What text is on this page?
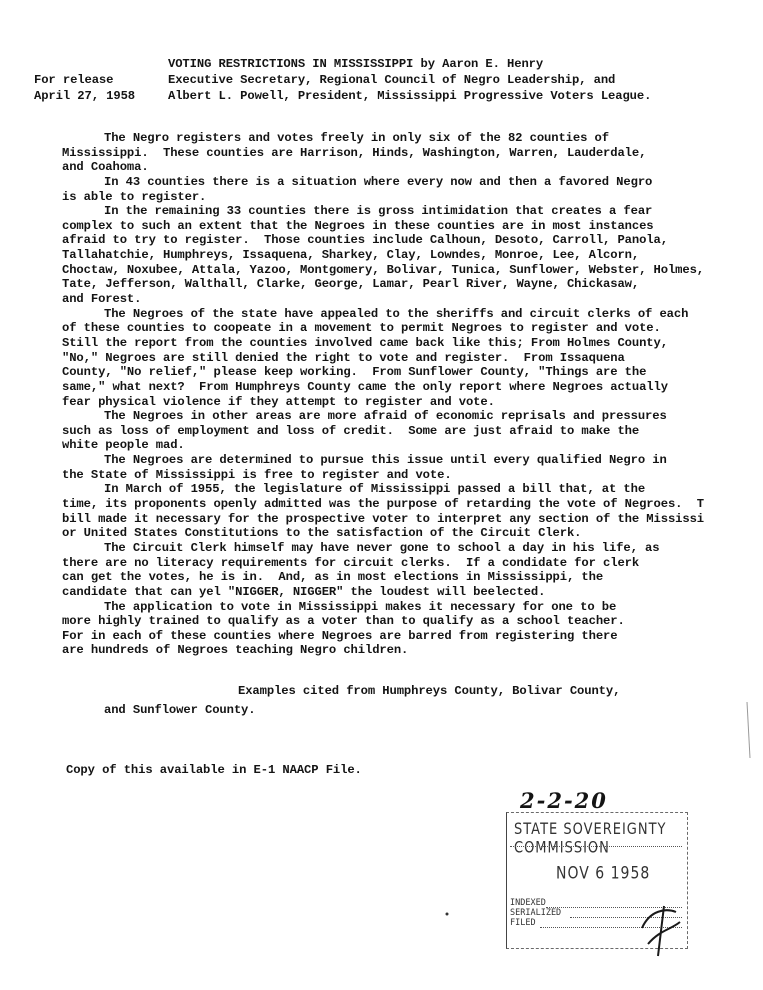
VOTING RESTRICTIONS IN MISSISSIPPI by Aaron E. Henry
For release	Executive Secretary, Regional Council of Negro Leadership, and
April 27, 1958	Albert L. Powell, President, Mississippi Progressive Voters League.
The Negro registers and votes freely in only six of the 82 counties of
Mississippi.  These counties are Harrison, Hinds, Washington, Warren, Lauderdale,
and Coahoma.
In 43 counties there is a situation where every now and then a favored Negro
is able to register.
In the remaining 33 counties there is gross intimidation that creates a fear
complex to such an extent that the Negroes in these counties are in most instances
afraid to try to register.  Those counties include Calhoun, Desoto, Carroll, Panola,
Tallahatchie, Humphreys, Issaquena, Sharkey, Clay, Lowndes, Monroe, Lee, Alcorn,
Choctaw, Noxubee, Attala, Yazoo, Montgomery, Bolivar, Tunica, Sunflower, Webster, Holmes,
Tate, Jefferson, Walthall, Clarke, George, Lamar, Pearl River, Wayne, Chickasaw,
and Forest.
The Negroes of the state have appealed to the sheriffs and circuit clerks of each
of these counties to coopeate in a movement to permit Negroes to register and vote.
Still the report from the counties involved came back like this; From Holmes County,
"No," Negroes are still denied the right to vote and register.  From Issaquena
County, "No relief," please keep working.  From Sunflower County, "Things are the
same," what next?  From Humphreys County came the only report where Negroes actually
fear physical violence if they attempt to register and vote.
The Negroes in other areas are more afraid of economic reprisals and pressures
such as loss of employment and loss of credit.  Some are just afraid to make the
white people mad.
The Negroes are determined to pursue this issue until every qualified Negro in
the State of Mississippi is free to register and vote.
In March of 1955, the legislature of Mississippi passed a bill that, at the
time, its proponents openly admitted was the purpose of retarding the vote of Negroes.  T
bill made it necessary for the prospective voter to interpret any section of the Mississi
or United States Constitutions to the satisfaction of the Circuit Clerk.
The Circuit Clerk himself may have never gone to school a day in his life, as
there are no literacy requirements for circuit clerks.  If a condidate for clerk
can get the votes, he is in.  And, as in most elections in Mississippi, the
candidate that can yel "NIGGER, NIGGER" the loudest will beelected.
The application to vote in Mississippi makes it necessary for one to be
more highly trained to qualify as a voter than to qualify as a school teacher.
For in each of these counties where Negroes are barred from registering there
are hundreds of Negroes teaching Negro children.
Examples cited from Humphreys County, Bolivar County,
and Sunflower County.
Copy of this available in E-1 NAACP File.
2-2-20
STATE SOVEREIGNTY COMMISSION
NOV 6 1958
INDEXED
SERIALIZED
FILED
